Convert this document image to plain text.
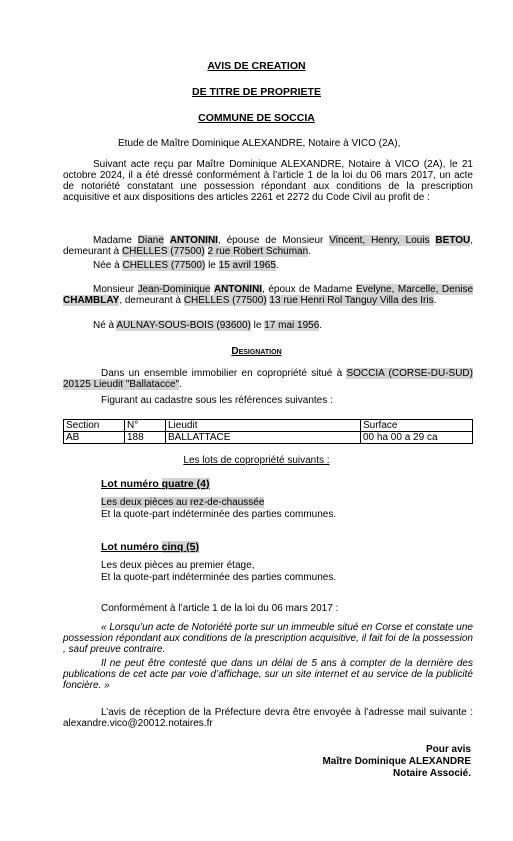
AVIS DE CREATION
DE TITRE DE PROPRIETE
COMMUNE DE SOCCIA
Etude de Maître Dominique ALEXANDRE, Notaire à VICO (2A),
Suivant acte reçu par Maître Dominique ALEXANDRE, Notaire à VICO (2A), le 21 octobre 2024, il a été dressé conformément à l’article 1 de la loi du 06 mars 2017, un acte de notoriété constatant une possession répondant aux conditions de la prescription acquisitive et aux dispositions des articles 2261 et 2272 du Code Civil au profit de :
Madame Diane ANTONINI, épouse de Monsieur Vincent, Henry, Louis BETOU, demeurant à CHELLES (77500) 2 rue Robert Schuman.
Née à CHELLES (77500) le 15 avril 1965.
Monsieur Jean-Dominique ANTONINI, époux de Madame Evelyne, Marcelle, Denise CHAMBLAY, demeurant à CHELLES (77500) 13 rue Henri Rol Tanguy Villa des Iris.
Né à AULNAY-SOUS-BOIS (93600) le 17 mai 1956.
Designation
Dans un ensemble immobilier en copropriété situé à SOCCIA (CORSE-DU-SUD) 20125 Lieudit "Ballatacce".
Figurant au cadastre sous les références suivantes :
Section	N°	Lieudit	Surface
AB	188	BALLATTACE	00 ha 00 a 29 ca
Les lots de copropriété suivants :
Lot numéro quatre (4)
Les deux pièces au rez-de-chaussée
Et la quote-part indéterminée des parties communes.
Lot numéro cinq (5)
Les deux pièces au premier étage,
Et la quote-part indéterminée des parties communes.
Conformément à l’article 1 de la loi du 06 mars 2017 :
« Lorsqu’un acte de Notoriété porte sur un immeuble situé en Corse et constate une possession répondant aux conditions de la prescription acquisitive, il fait foi de la possession , sauf preuve contraire.
Il ne peut être contesté que dans un délai de 5 ans à compter de la dernière des publications de cet acte par voie d’affichage, sur un site internet et au service de la publicité foncière. »
L’avis de réception de la Préfecture devra être envoyée à l’adresse mail suivante : alexandre.vico@20012.notaires.fr
Pour avis
Maître Dominique ALEXANDRE
Notaire Associé.
